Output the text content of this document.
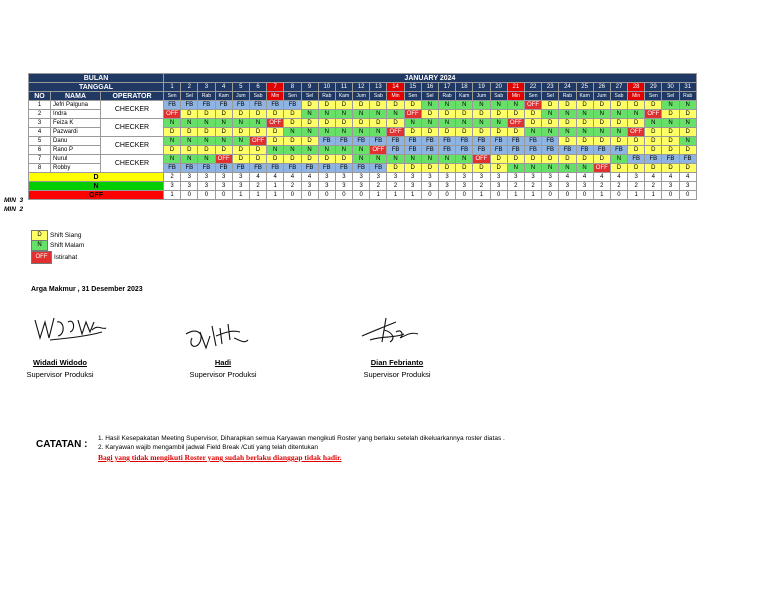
BULAN			JANUARY 2024																														
TANGGAL			1	2	3	4	5	6	7	8	9	10	11	12	13	14	15	16	17	18	19	20	21	22	23	24	25	26	27	28	29	30	31
NO	NAMA	OPERATOR	Sen	Sel	Rab	Kam	Jum	Sab	Min	Sen	Sel	Rab	Kam	Jum	Sab	Min	Sen	Sel	Rab	Kam	Jum	Sab	Min	Sen	Sel	Rab	Kam	Jum	Sab	Min	Sen	Sel	Rab
1	Jefri Palguna	CHECKER	FB	FB	FB	FB	FB	FB	FB	FB	D	D	D	D	D	D	D	N	N	N	N	N	N	OFF	D	D	D	D	D	D	D	N	N
2	Indra		OFF	D	D	D	D	D	D	D	N	N	N	N	N	N	OFF	D	D	D	D	D	D	D	N	N	N	N	N	N	OFF	D	D
3	Feiza K	CHECKER	N	N	N	N	N	N	OFF	D	D	D	D	D	D	D	N	N	N	N	N	N	OFF	D	D	D	D	D	D	D	N	N	N
4	Pazwardi		D	D	D	D	D	D	D	N	N	N	N	N	N	OFF	D	D	D	D	D	D	D	N	N	N	N	N	N	OFF	D	D	D
5	Danu	CHECKER	N	N	N	N	N	OFF	D	D	D	FB	FB	FB	FB	FB	FB	FB	FB	FB	FB	FB	FB	FB	FB	D	D	D	D	D	D	D	N
6	Rano P		D	D	D	D	D	D	N	N	N	N	N	N	OFF	FB	FB	FB	FB	FB	FB	FB	FB	FB	FB	FB	FB	FB	FB	D	D	D	D
7	Nurul	CHECKER	N	N	N	OFF	D	D	D	D	D	D	D	N	N	N	N	N	N	N	OFF	D	D	D	D	D	D	D	N	FB	FB	FB	FB
8	Robby		FB	FB	FB	FB	FB	FB	FB	FB	FB	FB	FB	FB	FB	D	D	D	D	D	D	D	N	N	N	N	N	OFF	D	D	D	D	D
D			2	3	3	3	3	4	4	4	4	3	3	3	3	3	3	3	3	3	3	3	3	3	3	4	4	4	4	3	4	4	4
N			3	3	3	3	3	2	1	2	3	3	3	3	2	2	3	3	3	3	2	3	2	2	3	3	3	2	2	2	2	3	3
OFF			1	0	0	0	1	1	1	0	0	0	0	0	1	1	1	0	0	0	1	0	1	1	0	0	0	1	0	1	1	0	0
MIN 3
MIN 2
D	Shift Siang
N	Shift Malam
OFF	Istirahat
Arga Makmur , 31 Desember 2023
Widadi Widodo
Supervisor Produksi
Hadi
Supervisor Produksi
Dian Febrianto
Supervisor Produksi
CATATAN :
1. Hasil Kesepakatan Meeting Supervisor, Diharapkan semua Karyawan mengikuti Roster yang berlaku setelah dikeluarkannya roster diatas .
2. Karyawan wajib mengambil jadwal Field Break /Cuti yang telah ditentukan
Bagi yang tidak mengikuti Roster yang sudah berlaku dianggap tidak hadir.
